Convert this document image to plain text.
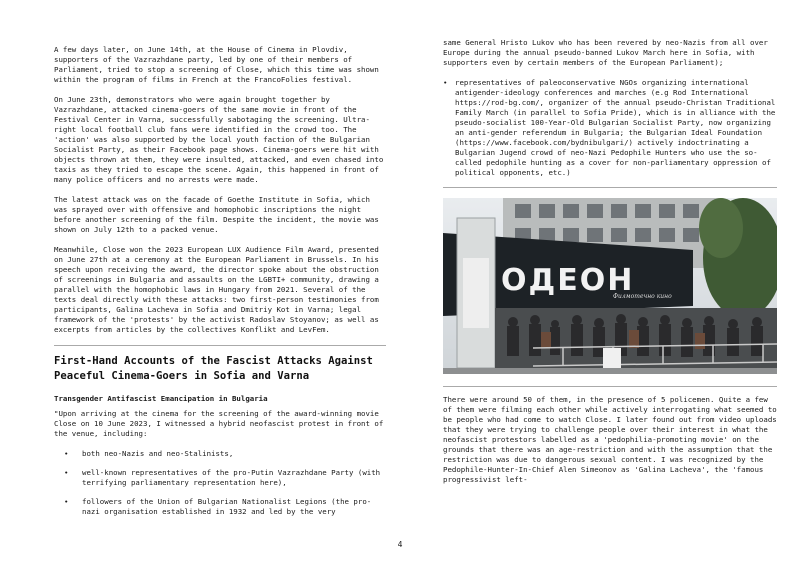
A few days later, on June 14th, at the House of Cinema in Plovdiv, supporters of the Vazrazhdane party, led by one of their members of Parliament, tried to stop a screening of Close, which this time was shown within the program of films in French at the FrancoFolies festival.

On June 23th, demonstrators who were again brought together by Vazrazhdane, attacked cinema-goers of the same movie in front of the Festival Center in Varna, successfully sabotaging the screening. Ultra-right local football club fans were identified in the crowd too. The 'action' was also supported by the local youth faction of the Bulgarian Socialist Party, as their Facebook page shows. Cinema-goers were hit with objects thrown at them, they were insulted, attacked, and even chased into taxis as they tried to escape the scene. Again, this happened in front of many police officers and no arrests were made.

The latest attack was on the facade of Goethe Institute in Sofia, which was sprayed over with offensive and homophobic inscriptions the night before another screening of the film. Despite the incident, the movie was shown on July 12th to a packed venue.

Meanwhile, Close won the 2023 European LUX Audience Film Award, presented on June 27th at a ceremony at the European Parliament in Brussels. In his speech upon receiving the award, the director spoke about the obstruction of screenings in Bulgaria and assaults on the LGBTI+ community, drawing a parallel with the homophobic laws in Hungary from 2021. Several of the texts deal directly with these attacks: two first-person testimonies from participants, Galina Lacheva in Sofia and Dmitriy Kot in Varna; legal framework of the 'protests' by the activist Radoslav Stoyanov; as well as excerpts from articles by the collectives Konflikt and LevFem.

First-Hand Accounts of the Fascist Attacks Against Peaceful Cinema-Goers in Sofia and Varna
Transgender Antifascist Emancipation in Bulgaria

"Upon arriving at the cinema for the screening of the award-winning movie Close on 10 June 2023, I witnessed a hybrid neofascist protest in front of the venue, including:

• both neo-Nazis and neo-Stalinists,
• well-known representatives of the pro-Putin Vazrazhdane Party (with terrifying parliamentary representation here),
• followers of the Union of Bulgarian Nationalist Legions (the pro-nazi organisation established in 1932 and led by the very

same General Hristo Lukov who has been revered by neo-Nazis from all over Europe during the annual pseudo-banned Lukov March here in Sofia, with supporters even by certain members of the European Parliament);

• representatives of paleoconservative NGOs organizing international antigender-ideology conferences and marches (e.g Rod International https://rod-bg.com/, organizer of the annual pseudo-Christan Traditional Family March (in parallel to Sofia Pride), which is in alliance with the pseudo-socialist 100-Year-Old Bulgarian Socialist Party, now organizing an anti-gender referendum in Bulgaria; the Bulgarian Ideal Foundation (https://www.facebook.com/bydnibulgari/) actively indoctrinating a Bulgarian Jugend crowd of neo-Nazi Pedophile Hunters who use the so-called pedophile hunting as a cover for non-parliamentary oppression of political opponents, etc.)
ОДЕОН
Филмотечно кино

There were around 50 of them, in the presence of 5 policemen. Quite a few of them were filming each other while actively interrogating what seemed to be people who had come to watch Close. I later found out from video uploads that they were trying to challenge people over their interest in what the neofascist protestors labelled as a 'pedophilia-promoting movie' on the grounds that there was an age-restriction and with the assumption that the restriction was due to dangerous sexual content. I was recognized by the Pedophile-Hunter-In-Chief Alen Simeonov as 'Galina Lacheva', the 'famous progressivist left-

4
